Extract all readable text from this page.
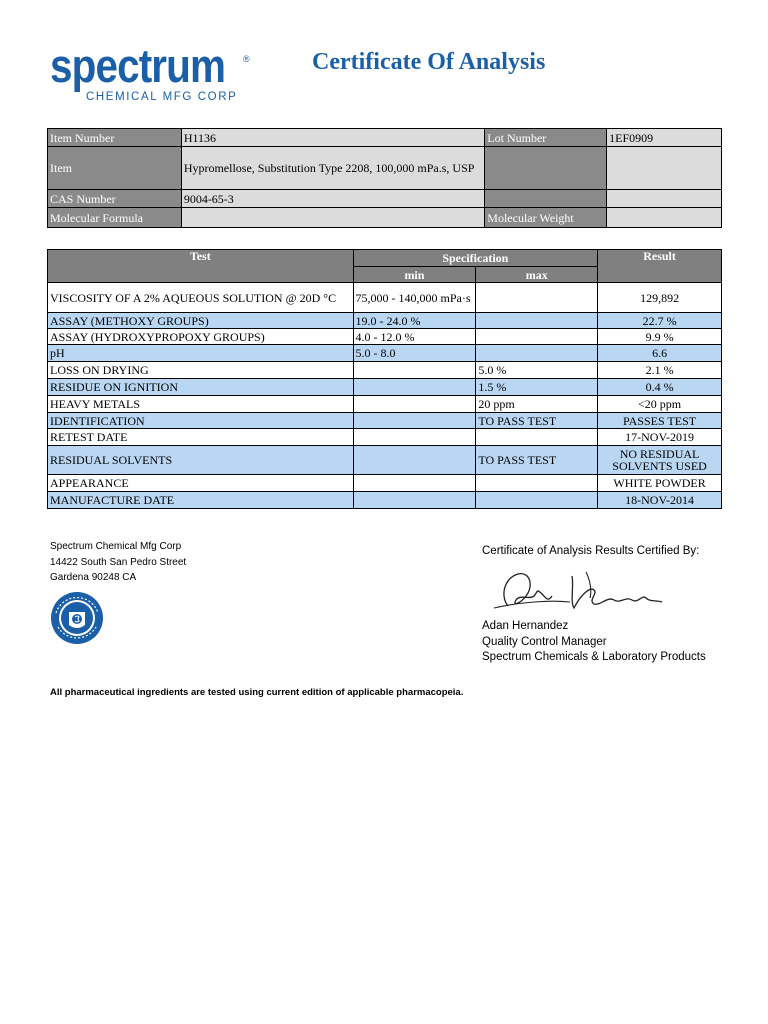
spectrum ®
CHEMICAL MFG CORP
Certificate Of Analysis
Item Number	H1136	Lot Number	1EF0909
Item	Hypromellose, Substitution Type 2208, 100,000 mPa.s, USP		
CAS Number	9004-65-3		
Molecular Formula		Molecular Weight	
Test	Specification		Result
	min	max	
VISCOSITY OF A 2% AQUEOUS SOLUTION @ 20D °C	75,000 - 140,000 mPa·s		129,892
ASSAY (METHOXY GROUPS)	19.0 - 24.0 %		22.7 %
ASSAY (HYDROXYPROPOXY GROUPS)	4.0 - 12.0 %		9.9 %
pH	5.0 - 8.0		6.6
LOSS ON DRYING		5.0 %	2.1 %
RESIDUE ON IGNITION		1.5 %	0.4 %
HEAVY METALS		20 ppm	<20 ppm
IDENTIFICATION		TO PASS TEST	PASSES TEST
RETEST DATE			17-NOV-2019
RESIDUAL SOLVENTS		TO PASS TEST	NO RESIDUAL SOLVENTS USED
APPEARANCE			WHITE POWDER
MANUFACTURE DATE			18-NOV-2014
Spectrum Chemical Mfg Corp
14422 South San Pedro Street
Gardena 90248 CA
Certificate of Analysis Results Certified By:
Adan Hernandez
Quality Control Manager
Spectrum Chemicals & Laboratory Products
All pharmaceutical ingredients are tested using current edition of applicable pharmacopeia.
